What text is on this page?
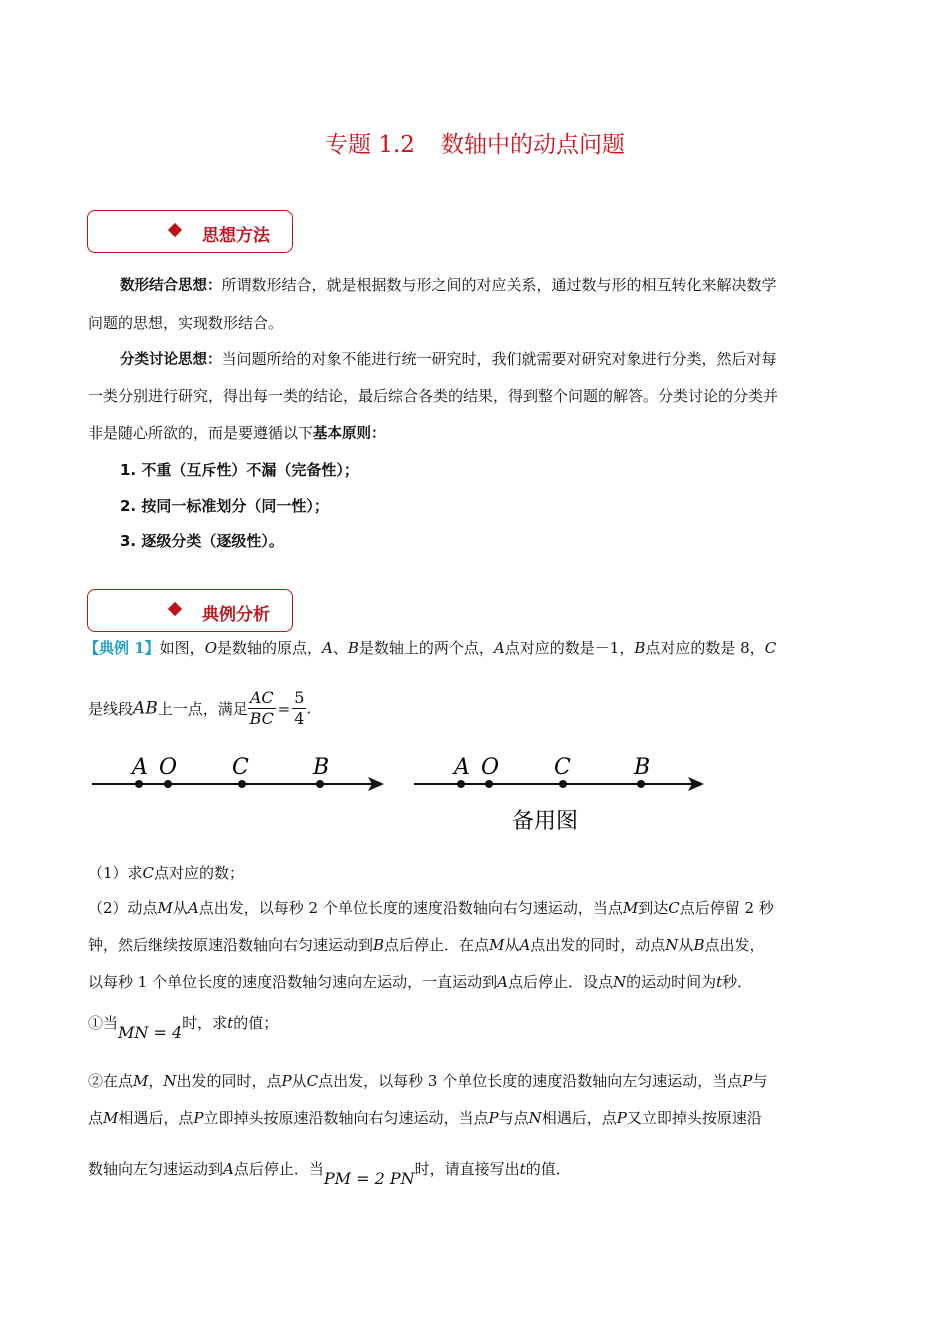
专题 1.2 数轴中的动点问题
思想方法
数形结合思想：所谓数形结合，就是根据数与形之间的对应关系，通过数与形的相互转化来解决数学
问题的思想，实现数形结合。
分类讨论思想：当问题所给的对象不能进行统一研究时，我们就需要对研究对象进行分类，然后对每
一类分别进行研究，得出每一类的结论，最后综合各类的结果，得到整个问题的解答。分类讨论的分类并
非是随心所欲的，而是要遵循以下基本原则：
1. 不重（互斥性）不漏（完备性）；
2. 按同一标准划分（同一性）；
3. 逐级分类（逐级性）。
典例分析
【典例 1】如图，O是数轴的原点，A、B是数轴上的两个点，A点对应的数是－1，B点对应的数是 8，C
是线段AB上一点，满足 $\frac{AC}{BC} = \frac{5}{4}$ .
A O C	B	A O C	B
备用图
（1）求C点对应的数；
（2）动点M从A点出发，以每秒 2 个单位长度的速度沿数轴向右匀速运动，当点M到达C点后停留 2 秒
钟，然后继续按原速沿数轴向右匀速运动到B点后停止．在点M从A点出发的同时，动点N从B点出发，
以每秒 1 个单位长度的速度沿数轴匀速向左运动，一直运动到A点后停止．设点N的运动时间为t秒．
①当MN = 4时，求t的值；
②在点M，N出发的同时，点P从C点出发，以每秒 3 个单位长度的速度沿数轴向左匀速运动，当点P与
点M相遇后，点P立即掉头按原速沿数轴向右匀速运动，当点P与点N相遇后，点P又立即掉头按原速沿
数轴向左匀速运动到A点后停止．当PM = 2 PN时，请直接写出t的值．
